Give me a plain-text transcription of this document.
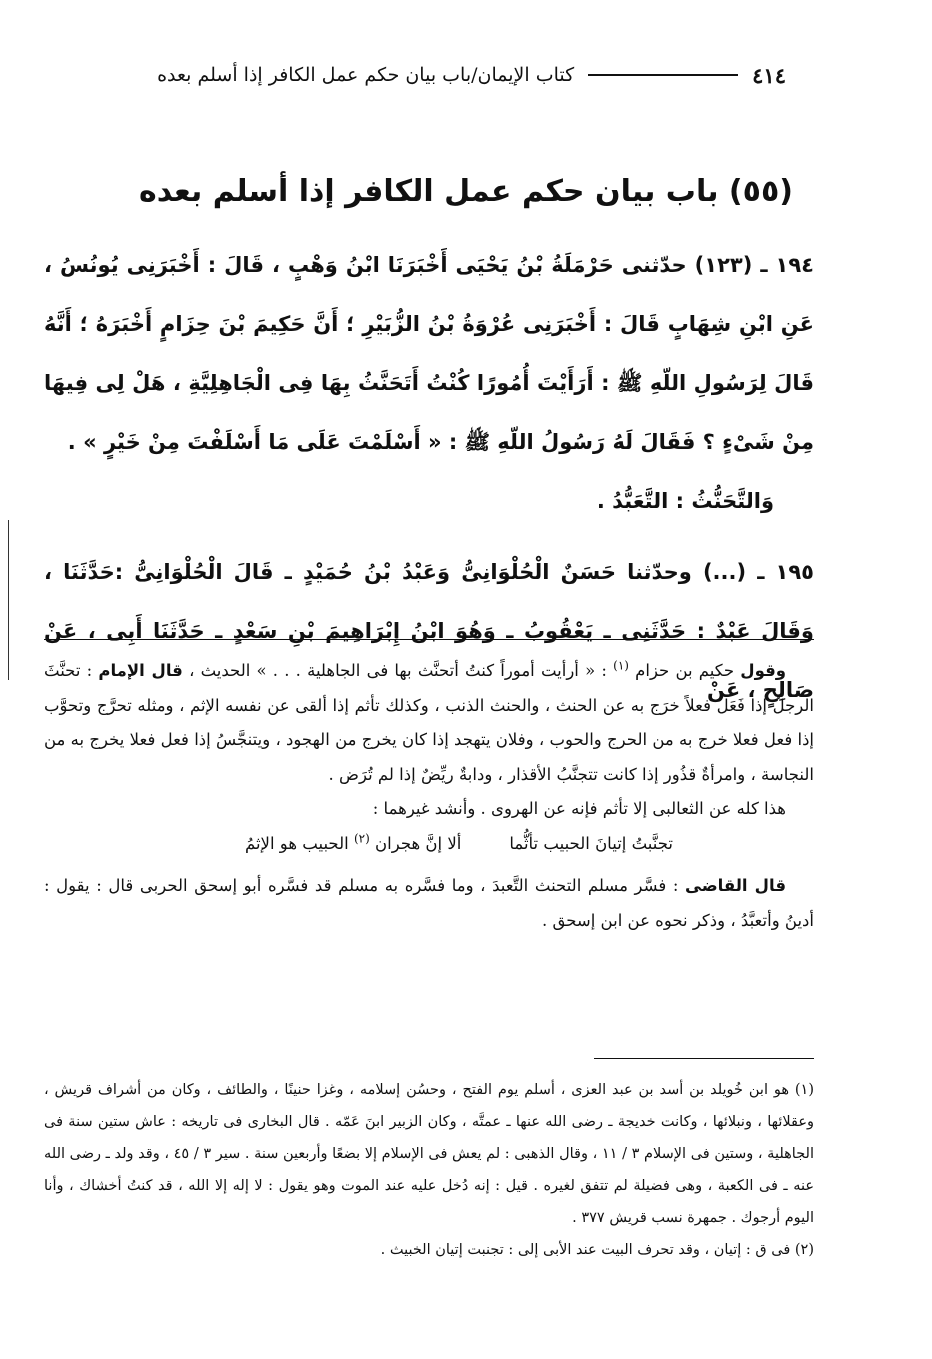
٤١٤
كتاب الإيمان/باب بيان حكم عمل الكافر إذا أسلم بعده
(٥٥) باب بيان حكم عمل الكافر إذا أسلم بعده

١٩٤ ـ (١٢٣) حدّثنى حَرْمَلَةُ بْنُ يَحْيَى أَخْبَرَنَا ابْنُ وَهْبٍ ، قَالَ : أَخْبَرَنِى يُونُسُ ، عَنِ ابْنِ شِهَابٍ قَالَ : أَخْبَرَنِى عُرْوَةُ بْنُ الزُّبَيْرِ ؛ أَنَّ حَكِيمَ بْنَ حِزَامٍ أَخْبَرَهُ ؛ أَنَّهُ قَالَ لِرَسُولِ اللّهِ ﷺ : أَرَأَيْتَ أُمُورًا كُنْتُ أَتَحَنَّثُ بِهَا فِى الْجَاهِلِيَّةِ ، هَلْ لِى فِيهَا مِنْ شَىْءٍ ؟ فَقَالَ لَهُ رَسُولُ اللّهِ ﷺ : « أَسْلَمْتَ عَلَى مَا أَسْلَفْتَ مِنْ خَيْرٍ » .

وَالتَّحَنُّثُ : التَّعَبُّدُ .

١٩٥ ـ (...) وحدّثنا حَسَنٌ الْحُلْوَانِىُّ وَعَبْدُ بْنُ حُمَيْدٍ ـ قَالَ الْحُلْوَانِىُّ :حَدَّثَنَا ، وَقَالَ عَبْدٌ : حَدَّثَنِى ـ يَعْقُوبُ ـ وَهُوَ ابْنُ إِبْرَاهِيمَ بْنِ سَعْدٍ ـ حَدَّثَنَا أَبِى ، عَنْ صَالِحٍ ، عَنْ

وقول حكيم بن حزام $^{(١)}$ : « أرأيت أموراً كنتُ أتحنَّث بها فى الجاهلية . . . » الحديث ، قال الإمام : تحنَّثَ الرجلُ إذا فَعَل فعلاً خرَج به عن الحنث ، والحنث الذنب ، وكذلك تأثم إذا ألقى عن نفسه الإثم ، ومثله تحرَّج وتحوَّب إذا فعل فعلا خرج به من الحرج والحوب ، وفلان يتهجد إذا كان يخرج من الهجود ، ويتنجَّسُ إذا فعل فعلا يخرج به من النجاسة ، وامرأةٌ قذُور إذا كانت تتجنَّبُ الأقذار ، ودابةٌ ريِّضٌ إذا لم تُرَض .

هذا كله عن الثعالبى إلا تأثم فإنه عن الهروى . وأنشد غيرهما :

تجنَّبتُ إتيانَ الحبيب تأثُّماألا إنَّ هجران $^{(٢)}$ الحبيب هو الإثمُ

قال القاضى : فسَّر مسلم التحنث التَّعبدَ ، وما فسَّره به مسلم قد فسَّره أبو إسحق الحربى قال : يقول : أدينُ وأتعبَّدُ ، وذكر نحوه عن ابن إسحق .

(١) هو ابن خُويلد بن أسد بن عبد العزى ، أسلم يوم الفتح ، وحسُن إسلامه ، وغزا حنينًا ، والطائف ، وكان من أشراف قريش ، وعقلائها ، ونبلائها ، وكانت خديجة ـ رضى الله عنها ـ عمتَّه ، وكان الزبير ابنَ عَمّه . قال البخارى فى تاريخه : عاش ستين سنة فى الجاهلية ، وستين فى الإسلام ٣ / ١١ ، وقال الذهبى : لم يعش فى الإسلام إلا بضعًا وأربعين سنة . سير ٣ / ٤٥ ، وقد ولد ـ رضى الله عنه ـ فى الكعبة ، وهى فضيلة لم تتفق لغيره . قيل : إنه دُخل عليه عند الموت وهو يقول : لا إله إلا الله ، قد كنتُ أخشاك ، وأنا اليوم أرجوك . جمهرة نسب قريش ٣٧٧ .

(٢) فى ق : إتيان ، وقد تحرف البيت عند الأبى إلى : تجنبت إتيان الخبيث .
